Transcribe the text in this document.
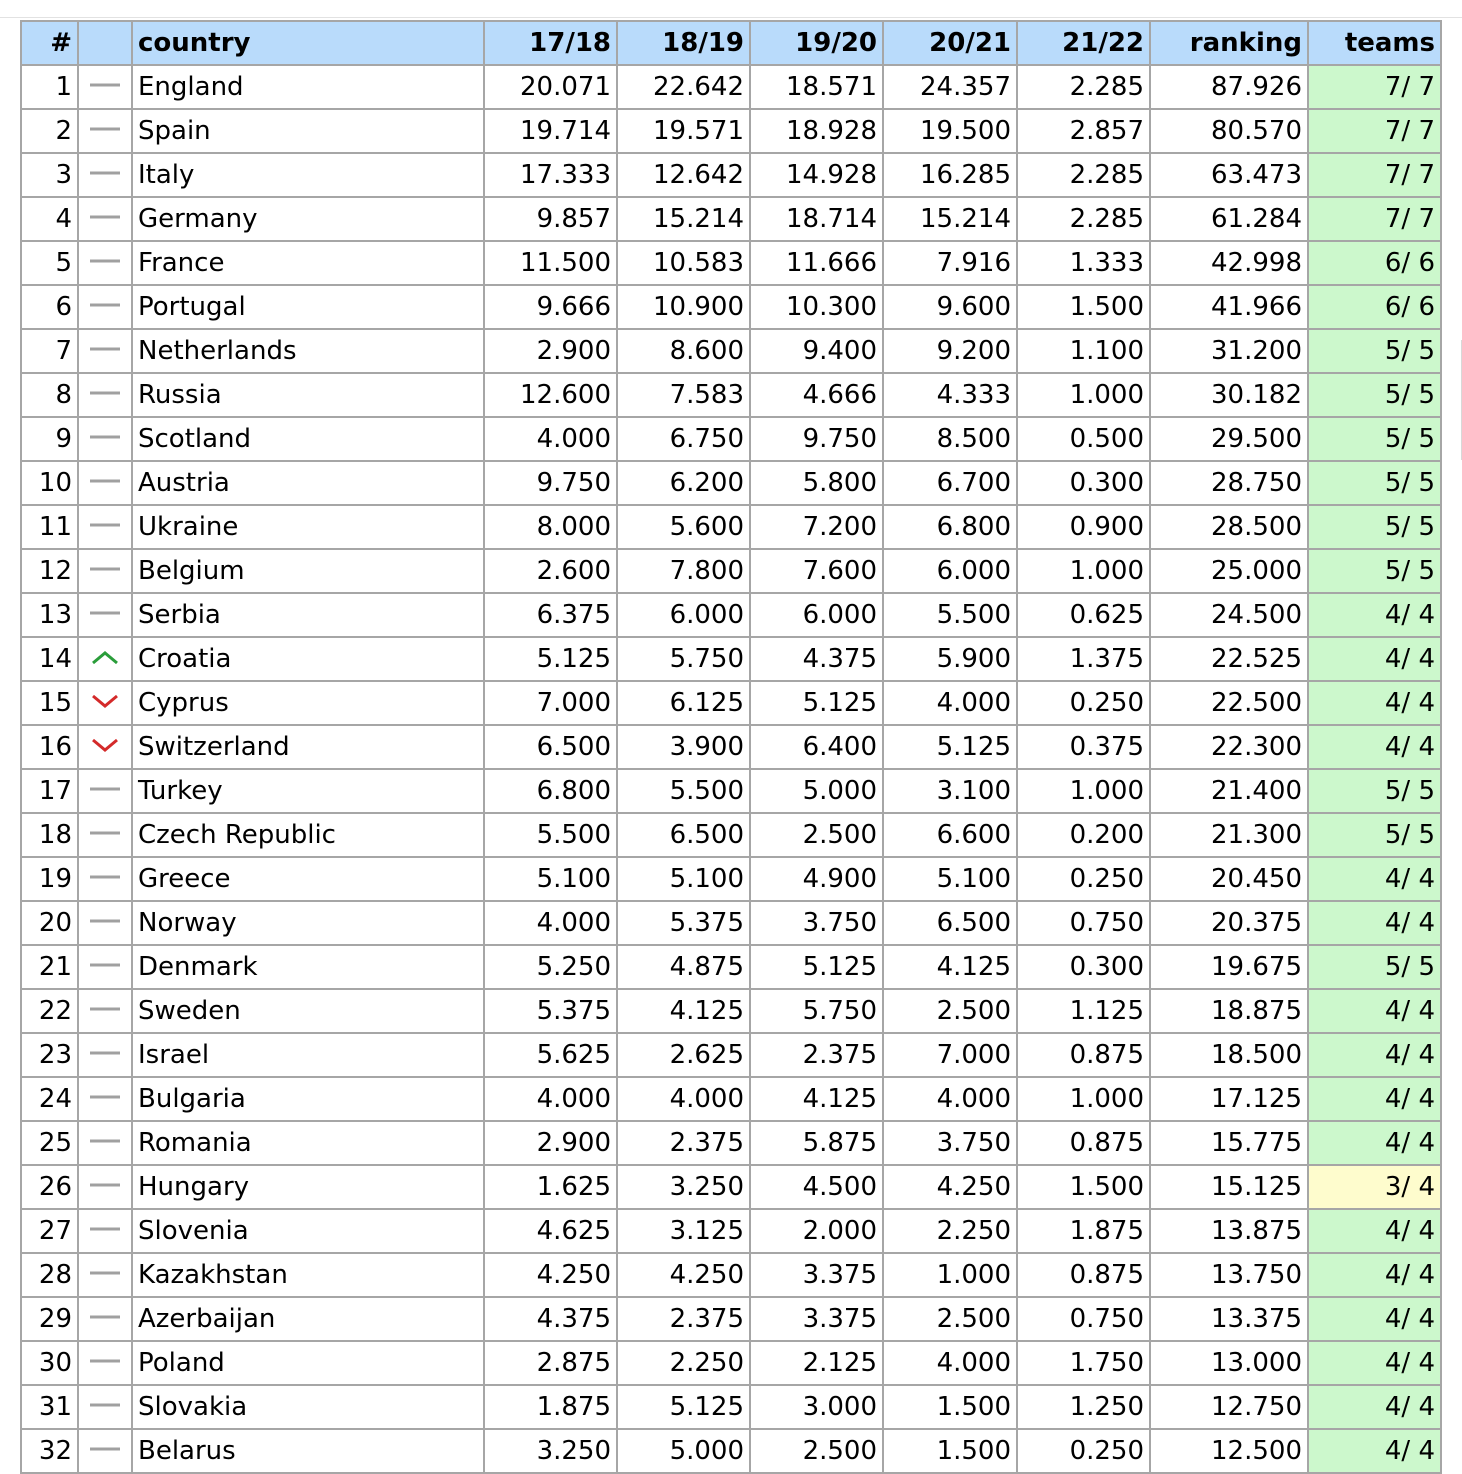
#		country	17/18	18/19	19/20	20/21	21/22	ranking	teams
1		England	20.071	22.642	18.571	24.357	2.285	87.926	7/ 7
2		Spain	19.714	19.571	18.928	19.500	2.857	80.570	7/ 7
3		Italy	17.333	12.642	14.928	16.285	2.285	63.473	7/ 7
4		Germany	9.857	15.214	18.714	15.214	2.285	61.284	7/ 7
5		France	11.500	10.583	11.666	7.916	1.333	42.998	6/ 6
6		Portugal	9.666	10.900	10.300	9.600	1.500	41.966	6/ 6
7		Netherlands	2.900	8.600	9.400	9.200	1.100	31.200	5/ 5
8		Russia	12.600	7.583	4.666	4.333	1.000	30.182	5/ 5
9		Scotland	4.000	6.750	9.750	8.500	0.500	29.500	5/ 5
10		Austria	9.750	6.200	5.800	6.700	0.300	28.750	5/ 5
11		Ukraine	8.000	5.600	7.200	6.800	0.900	28.500	5/ 5
12		Belgium	2.600	7.800	7.600	6.000	1.000	25.000	5/ 5
13		Serbia	6.375	6.000	6.000	5.500	0.625	24.500	4/ 4
14		Croatia	5.125	5.750	4.375	5.900	1.375	22.525	4/ 4
15		Cyprus	7.000	6.125	5.125	4.000	0.250	22.500	4/ 4
16		Switzerland	6.500	3.900	6.400	5.125	0.375	22.300	4/ 4
17		Turkey	6.800	5.500	5.000	3.100	1.000	21.400	5/ 5
18		Czech Republic	5.500	6.500	2.500	6.600	0.200	21.300	5/ 5
19		Greece	5.100	5.100	4.900	5.100	0.250	20.450	4/ 4
20		Norway	4.000	5.375	3.750	6.500	0.750	20.375	4/ 4
21		Denmark	5.250	4.875	5.125	4.125	0.300	19.675	5/ 5
22		Sweden	5.375	4.125	5.750	2.500	1.125	18.875	4/ 4
23		Israel	5.625	2.625	2.375	7.000	0.875	18.500	4/ 4
24		Bulgaria	4.000	4.000	4.125	4.000	1.000	17.125	4/ 4
25		Romania	2.900	2.375	5.875	3.750	0.875	15.775	4/ 4
26		Hungary	1.625	3.250	4.500	4.250	1.500	15.125	3/ 4
27		Slovenia	4.625	3.125	2.000	2.250	1.875	13.875	4/ 4
28		Kazakhstan	4.250	4.250	3.375	1.000	0.875	13.750	4/ 4
29		Azerbaijan	4.375	2.375	3.375	2.500	0.750	13.375	4/ 4
30		Poland	2.875	2.250	2.125	4.000	1.750	13.000	4/ 4
31		Slovakia	1.875	5.125	3.000	1.500	1.250	12.750	4/ 4
32		Belarus	3.250	5.000	2.500	1.500	0.250	12.500	4/ 4
